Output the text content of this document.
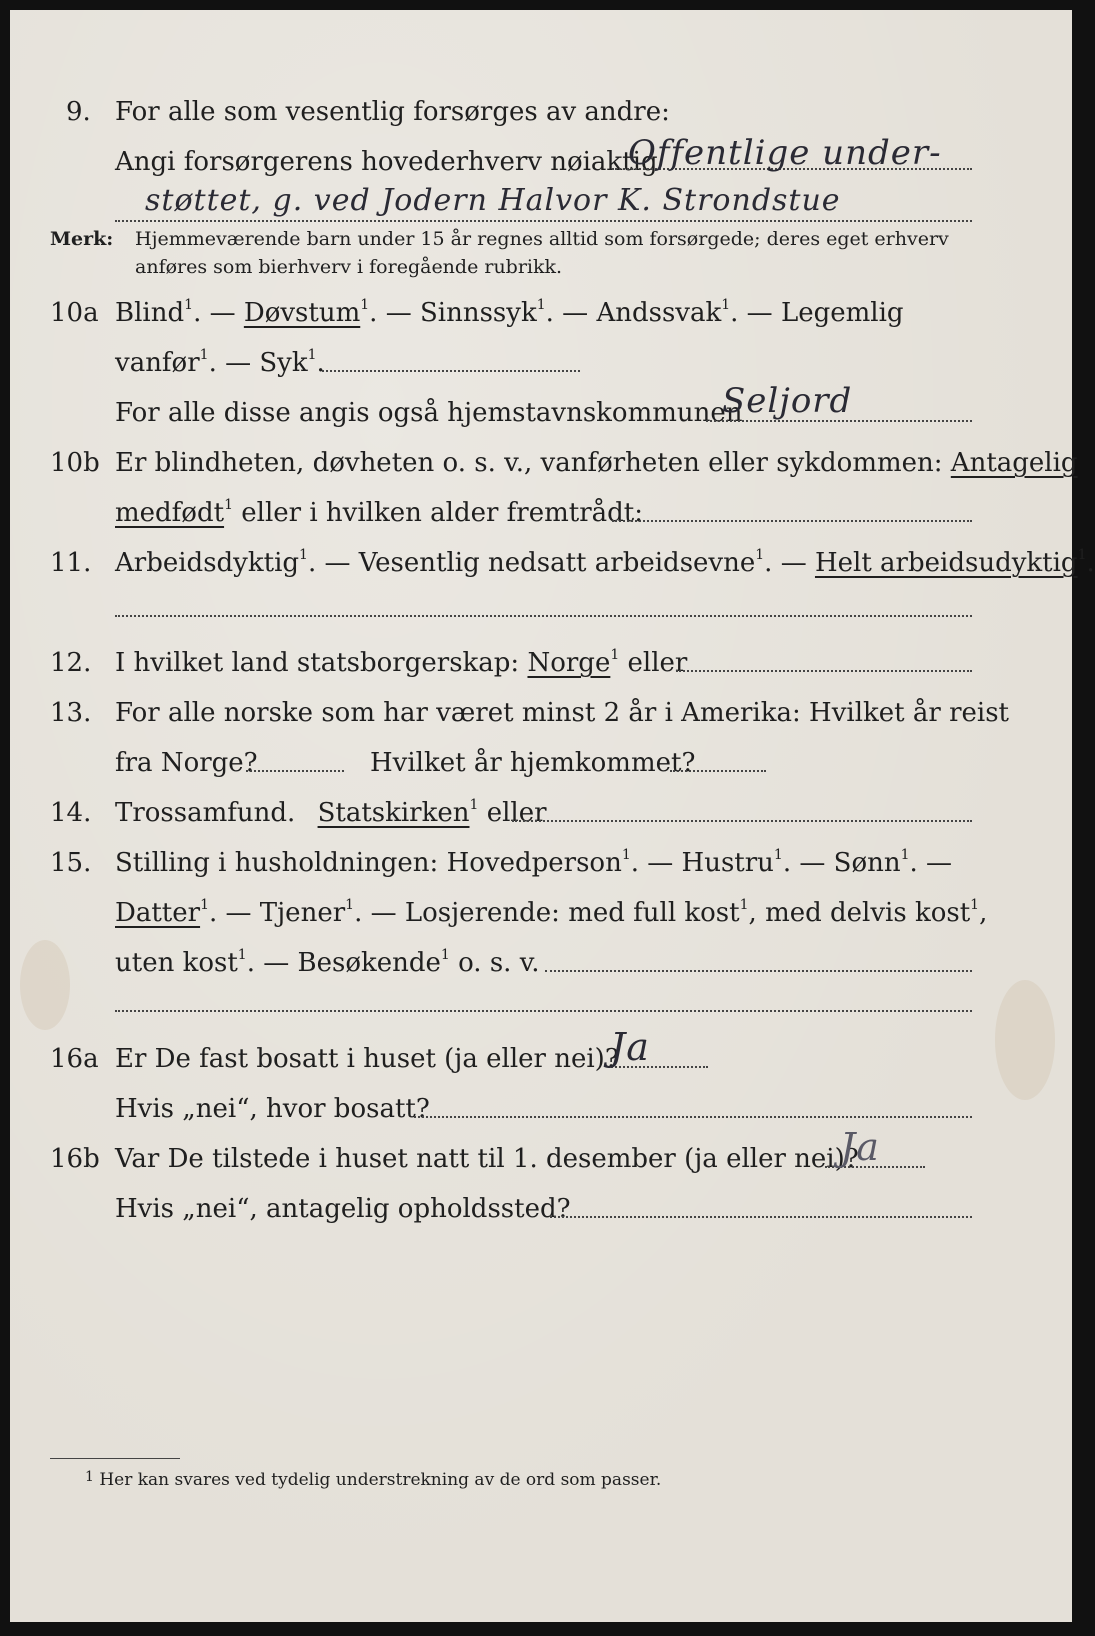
9. For alle som vesentlig forsørges av andre:
Angi forsørgerens hovederhverv nøiaktig
Offentlige under-
støttet, g. ved Jodern Halvor K. Strondstue
Merk: Hjemmeværende barn under 15 år regnes alltid som forsørgede; deres eget erhverv
anføres som bierhverv i foregående rubrikk.
10a Blind$^1$. — Døvstum$^1$. — Sinnssyk$^1$. — Andssvak$^1$. — Legemlig
vanfør$^1$. — Syk$^1$.
For alle disse angis også hjemstavnskommunen
Seljord
10b Er blindheten, døvheten o. s. v., vanførheten eller sykdommen: Antagelig
medfødt$^1$ eller i hvilken alder fremtrådt:
11. Arbeidsdyktig$^1$. — Vesentlig nedsatt arbeidsevne$^1$. — Helt arbeidsudyktig$^1$.
12. I hvilket land statsborgerskap: Norge$^1$ eller
13. For alle norske som har været minst 2 år i Amerika: Hvilket år reist
fra Norge?	Hvilket år hjemkommet?
14. Trossamfund. Statskirken$^1$ eller
15. Stilling i husholdningen: Hovedperson$^1$. — Hustru$^1$. — Sønn$^1$. —
Datter$^1$. — Tjener$^1$. — Losjerende: med full kost$^1$, med delvis kost$^1$,
uten kost$^1$. — Besøkende$^1$ o. s. v.
16a Er De fast bosatt i huset (ja eller nei)?
Ja
Hvis „nei“, hvor bosatt?
16b Var De tilstede i huset natt til 1. desember (ja eller nei)?
Ja
Hvis „nei“, antagelig opholdssted?
$^1$ Her kan svares ved tydelig understrekning av de ord som passer.
